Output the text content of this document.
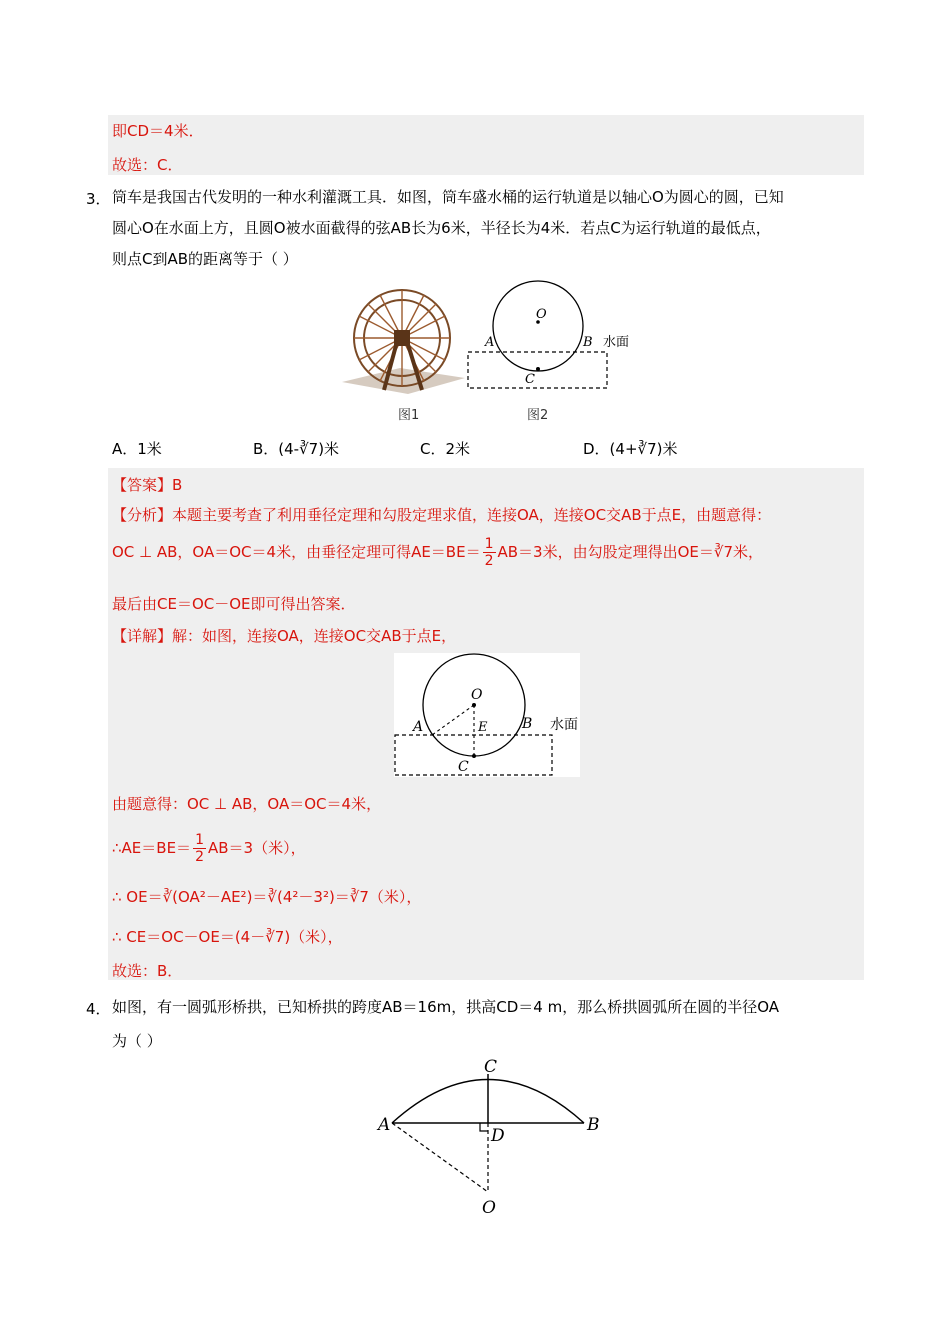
即CD＝4米．
故选：C．
3． 筒车是我国古代发明的一种水利灌溉工具．如图，筒车盛水桶的运行轨道是以轴心O为圆心的圆，已知
圆心O在水面上方，且圆O被水面截得的弦AB长为6米，半径长为4米．若点C为运行轨道的最低点，
则点C到AB的距离等于（ ）
图1
O
A	B
C
水面
图2
A．1米	B．(4-∛7)米	C．2米	D．(4+∛7)米
【答案】B
【分析】本题主要考查了利用垂径定理和勾股定理求值，连接OA，连接OC交AB于点E，由题意得：
OC ⊥ AB，OA＝OC＝4米，由垂径定理可得$AE=BE= \frac{1}{2} AB=3$米，由勾股定理得出OE＝∛7米，
最后由CE＝OC－OE即可得出答案．
【详解】解：如图，连接OA，连接OC交AB于点E，
O
A	E B
C
水面
由题意得：OC ⊥ AB，OA＝OC＝4米，
∴AE＝BE＝ $\frac{1}{2} AB=3$（米），
∴ OE＝∛(OA²－AE²)＝∛(4²－3²)＝∛7（米），
∴ CE＝OC－OE＝(4－∛7)（米），
故选：B．
4． 如图，有一圆弧形桥拱，已知桥拱的跨度AB＝16m，拱高CD＝4 m，那么桥拱圆弧所在圆的半径OA
为（ ）
C
A
D
B
O
